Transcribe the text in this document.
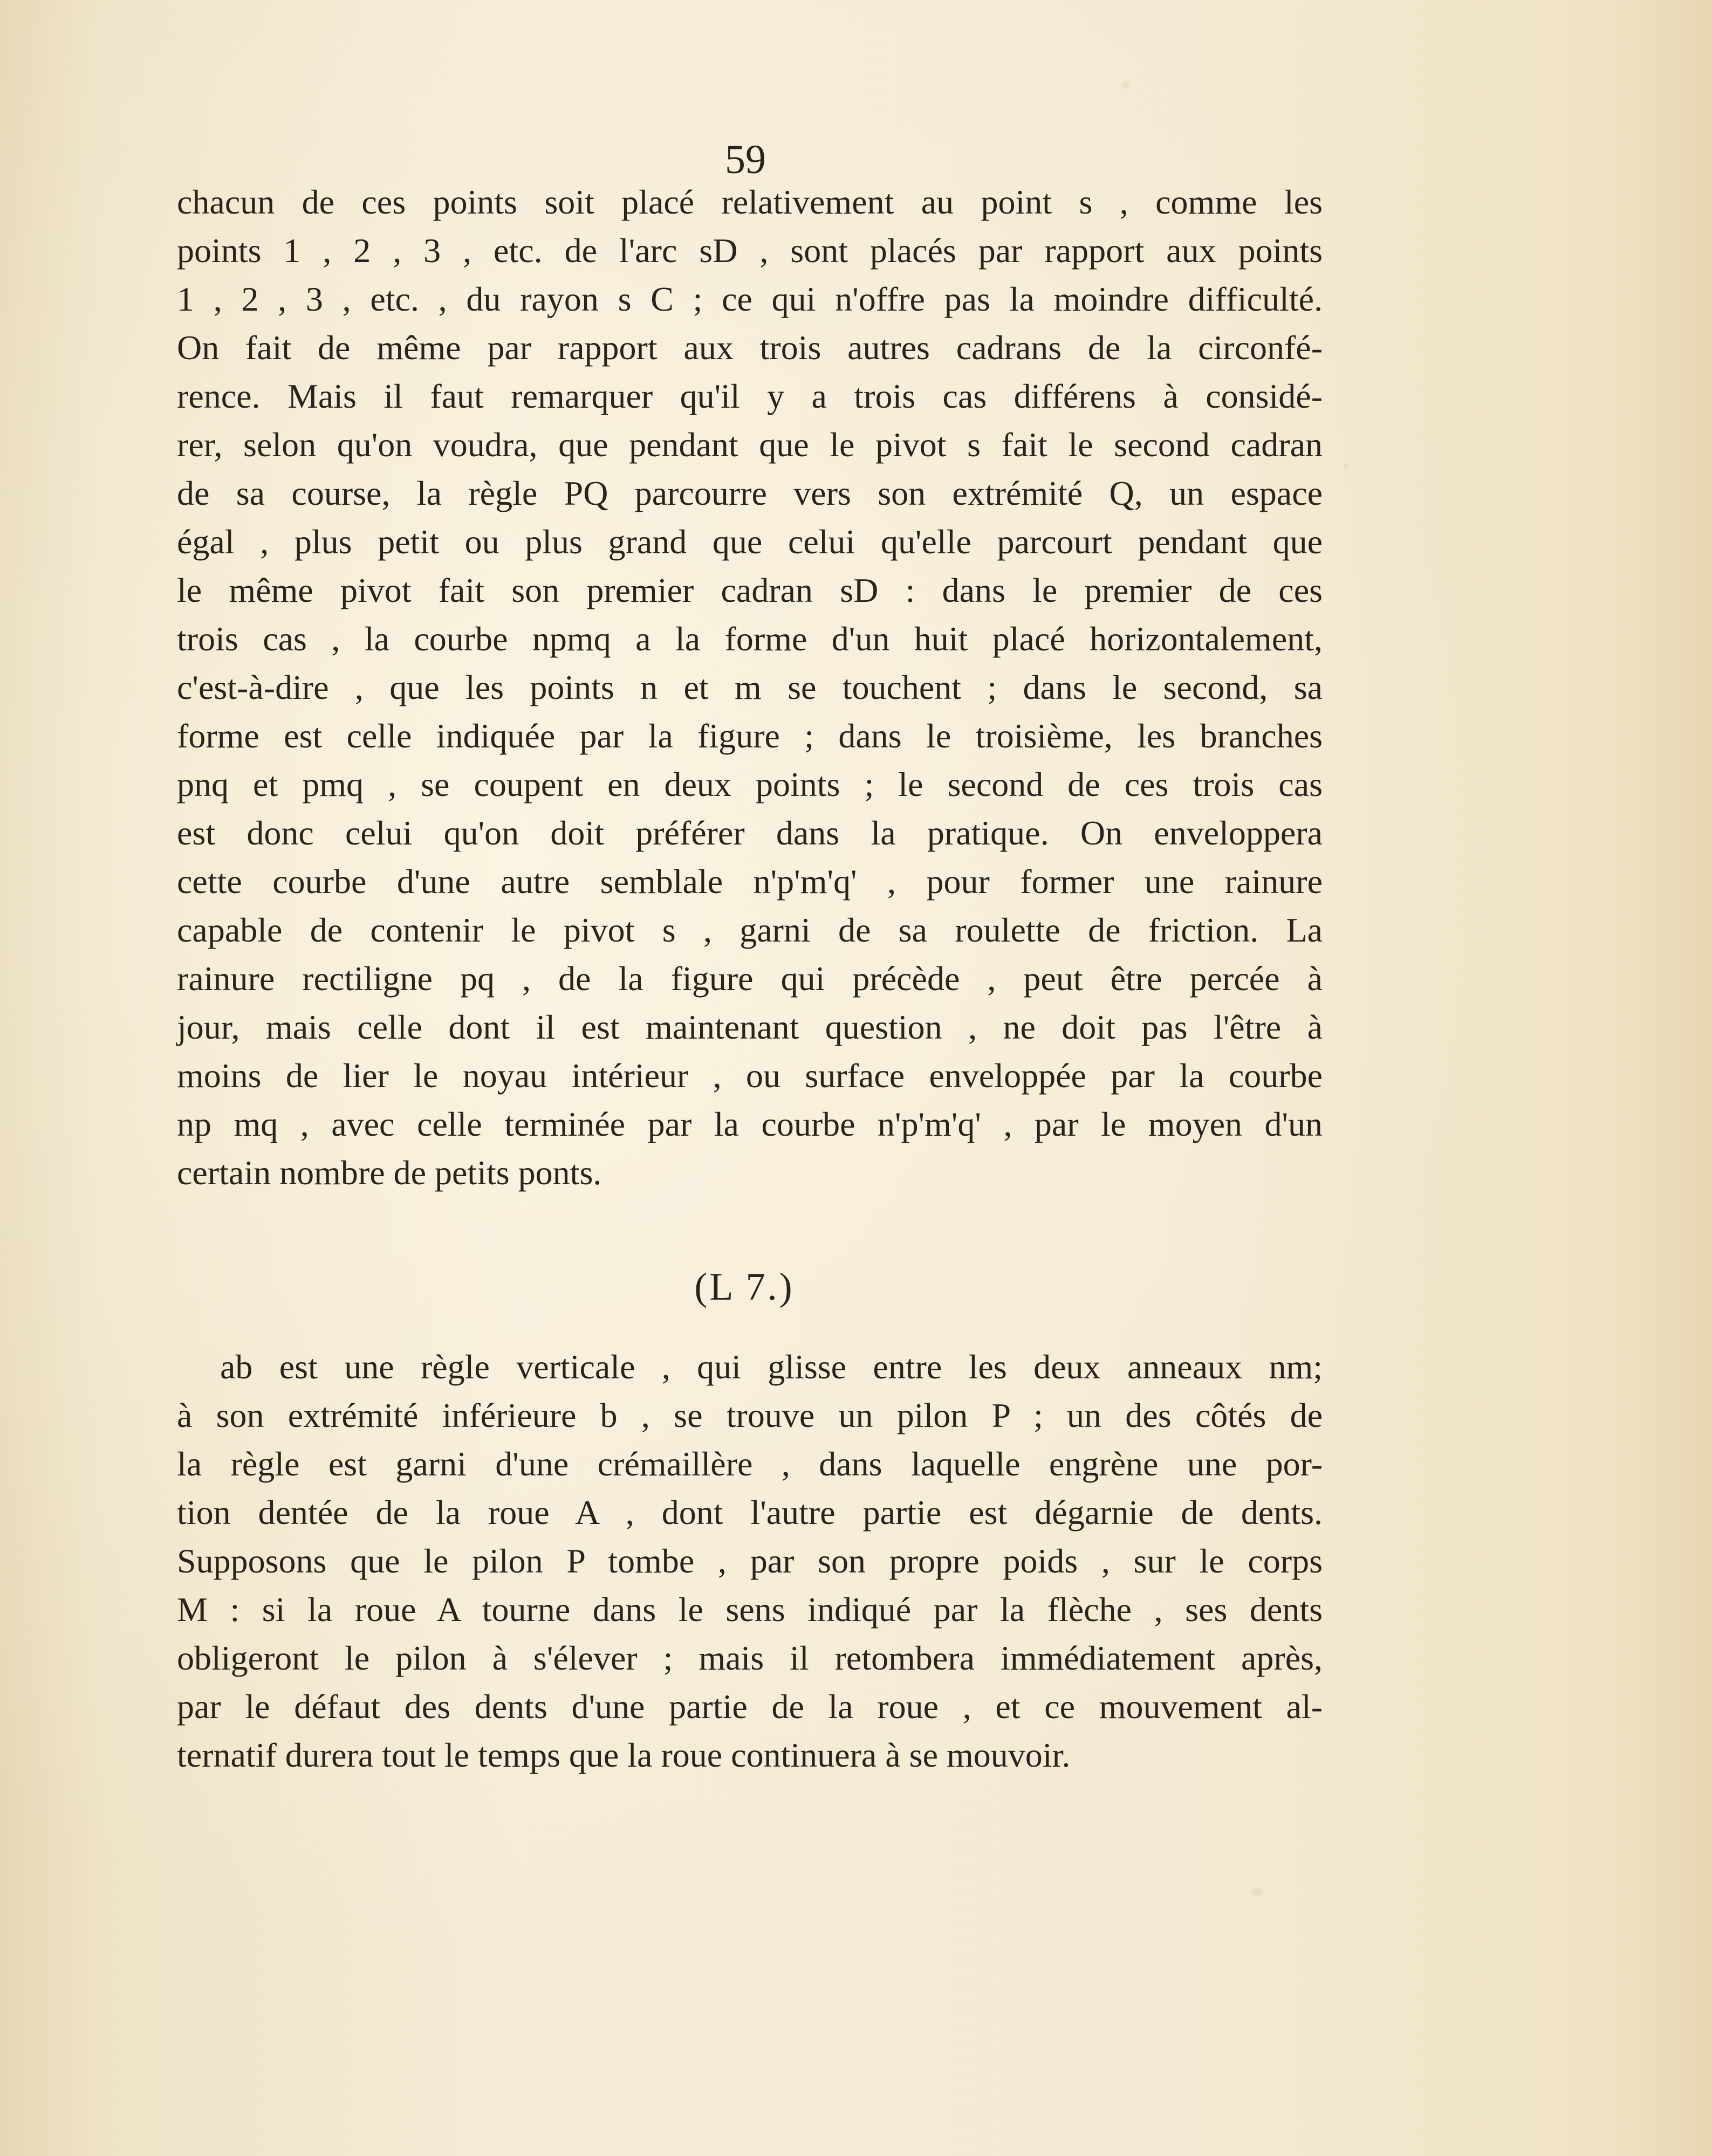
59
chacun de ces points soit placé relativement au point s , comme les
points 1 , 2 , 3 , etc. de l'arc sD , sont placés par rapport aux points
1 , 2 , 3 , etc. , du rayon s C ; ce qui n'offre pas la moindre difficulté.
On fait de même par rapport aux trois autres cadrans de la circonfé-
rence. Mais il faut remarquer qu'il y a trois cas différens à considé-
rer, selon qu'on voudra, que pendant que le pivot s fait le second cadran
de sa course, la règle PQ parcourre vers son extrémité Q, un espace
égal , plus petit ou plus grand que celui qu'elle parcourt pendant que
le même pivot fait son premier cadran sD : dans le premier de ces
trois cas , la courbe npmq a la forme d'un huit placé horizontalement,
c'est-à-dire , que les points n et m se touchent ; dans le second, sa
forme est celle indiquée par la figure ; dans le troisième, les branches
pnq et pmq , se coupent en deux points ; le second de ces trois cas
est donc celui qu'on doit préférer dans la pratique. On enveloppera
cette courbe d'une autre semblale n'p'm'q' , pour former une rainure
capable de contenir le pivot s , garni de sa roulette de friction. La
rainure rectiligne pq , de la figure qui précède , peut être percée à
jour, mais celle dont il est maintenant question , ne doit pas l'être à
moins de lier le noyau intérieur , ou surface enveloppée par la courbe
np mq , avec celle terminée par la courbe n'p'm'q' , par le moyen d'un
certain nombre de petits ponts.
(L 7.)
ab est une règle verticale , qui glisse entre les deux anneaux nm;
à son extrémité inférieure b , se trouve un pilon P ; un des côtés de
la règle est garni d'une crémaillère , dans laquelle engrène une por-
tion dentée de la roue A , dont l'autre partie est dégarnie de dents.
Supposons que le pilon P tombe , par son propre poids , sur le corps
M : si la roue A tourne dans le sens indiqué par la flèche , ses dents
obligeront le pilon à s'élever ; mais il retombera immédiatement après,
par le défaut des dents d'une partie de la roue , et ce mouvement al-
ternatif durera tout le temps que la roue continuera à se mouvoir.
